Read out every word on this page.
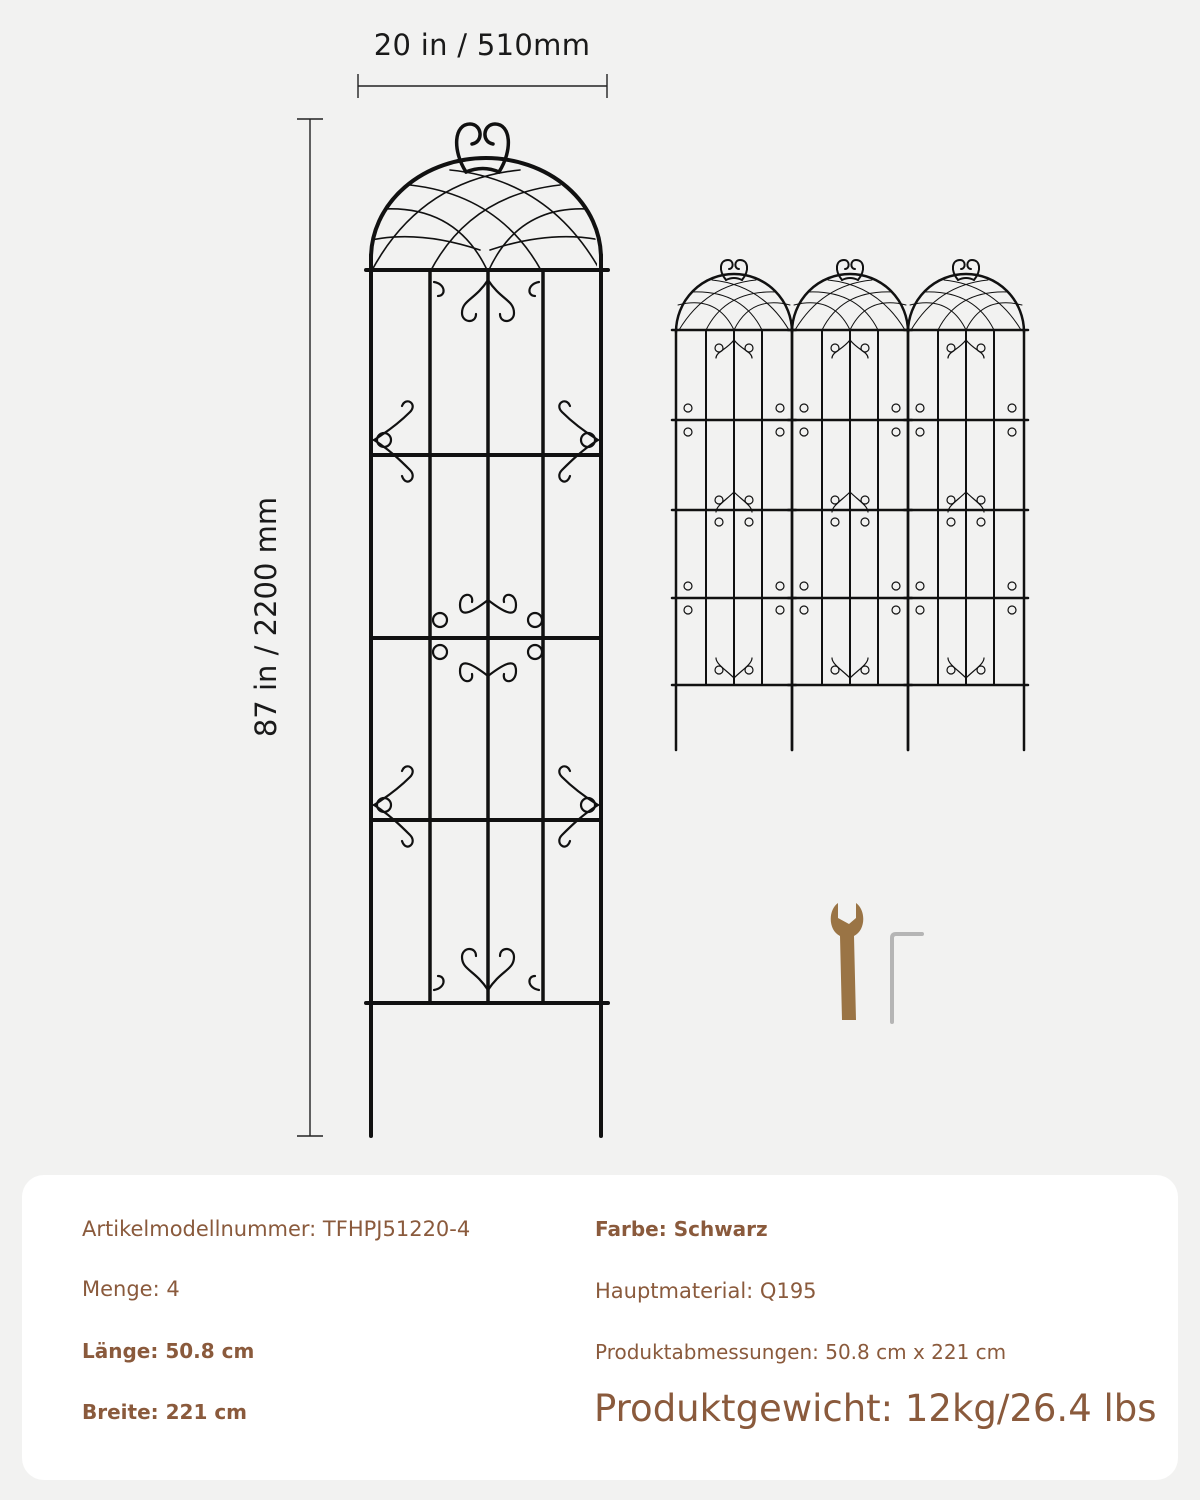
20 in / 510mm
87 in / 2200 mm
Artikelmodellnummer: TFHPJ51220-4
Menge: 4
Länge: 50.8 cm
Breite: 221 cm
Farbe: Schwarz
Hauptmaterial: Q195
Produktabmessungen: 50.8 cm x 221 cm
Produktgewicht: 12kg/26.4 lbs
